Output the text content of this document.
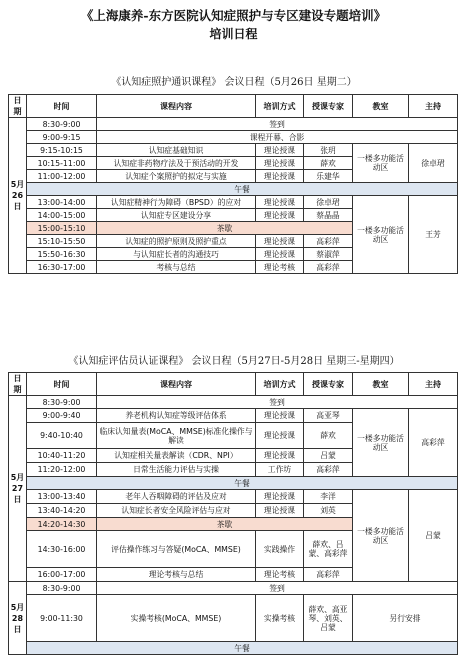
《上海康养-东方医院认知症照护与专区建设专题培训》
培训日程
《认知症照护通识课程》 会议日程（5月26日 星期二）
日期	时间	课程内容	培训方式	授课专家	教室	主持
5月26日	8:30-9:00	签到				
	9:00-9:15	课程开幕、合影				
	9:15-10:15	认知症基础知识	理论授课	张玥	一楼多功能活动区	徐卓珺
	10:15-11:00	认知症非药物疗法及于预活动的开发	理论授课	薛欢		
	11:00-12:00	认知症个案照护的拟定与实施	理论授课	乐建华		
	午餐					
	13:00-14:00	认知症精神行为障碍（BPSD）的应对	理论授课	徐卓珺	一楼多功能活动区	王芳
	14:00-15:00	认知症专区建设分享	理论授课	蔡晶晶		
	15:00-15:10	茶歇				
	15:10-15:50	认知症的照护原则及照护重点	理论授课	高彩萍		
	15:50-16:30	与认知症长者的沟通技巧	理论授课	蔡淑萍		
	16:30-17:00	考核与总结	理论考核	高彩萍		
《认知症评估员认证课程》 会议日程（5月27日-5月28日 星期三-星期四）
日期	时间	课程内容	培训方式	授课专家	教室	主持
5月27日	8:30-9:00	签到				
	9:00-9:40	养老机构认知症等级评估体系	理论授课	高亚琴	一楼多功能活动区	高彩萍
	9:40-10:40	临床认知量表(MoCA、MMSE)标准化操作与解读	理论授课	薛欢		
	10:40-11:20	认知症相关量表解读（CDR、NPI）	理论授课	吕蒙		
	11:20-12:00	日常生活能力评估与实操	工作坊	高彩萍		
	午餐					
	13:00-13:40	老年人吞咽障碍的评估及应对	理论授课	李洋	一楼多功能活动区	吕蒙
	13:40-14:20	认知症长者安全风险评估与应对	理论授课	刘英		
	14:20-14:30	茶歇				
	14:30-16:00	评估操作练习与答疑(MoCA、MMSE)	实践操作	薛欢、吕蒙、高彩萍		
	16:00-17:00	理论考核与总结	理论考核	高彩萍		
5月28日	8:30-9:00	签到				
	9:00-11:30	实操考核(MoCA、MMSE)	实操考核	薛欢、高亚琴、刘英、吕蒙	另行安排	
	午餐					
